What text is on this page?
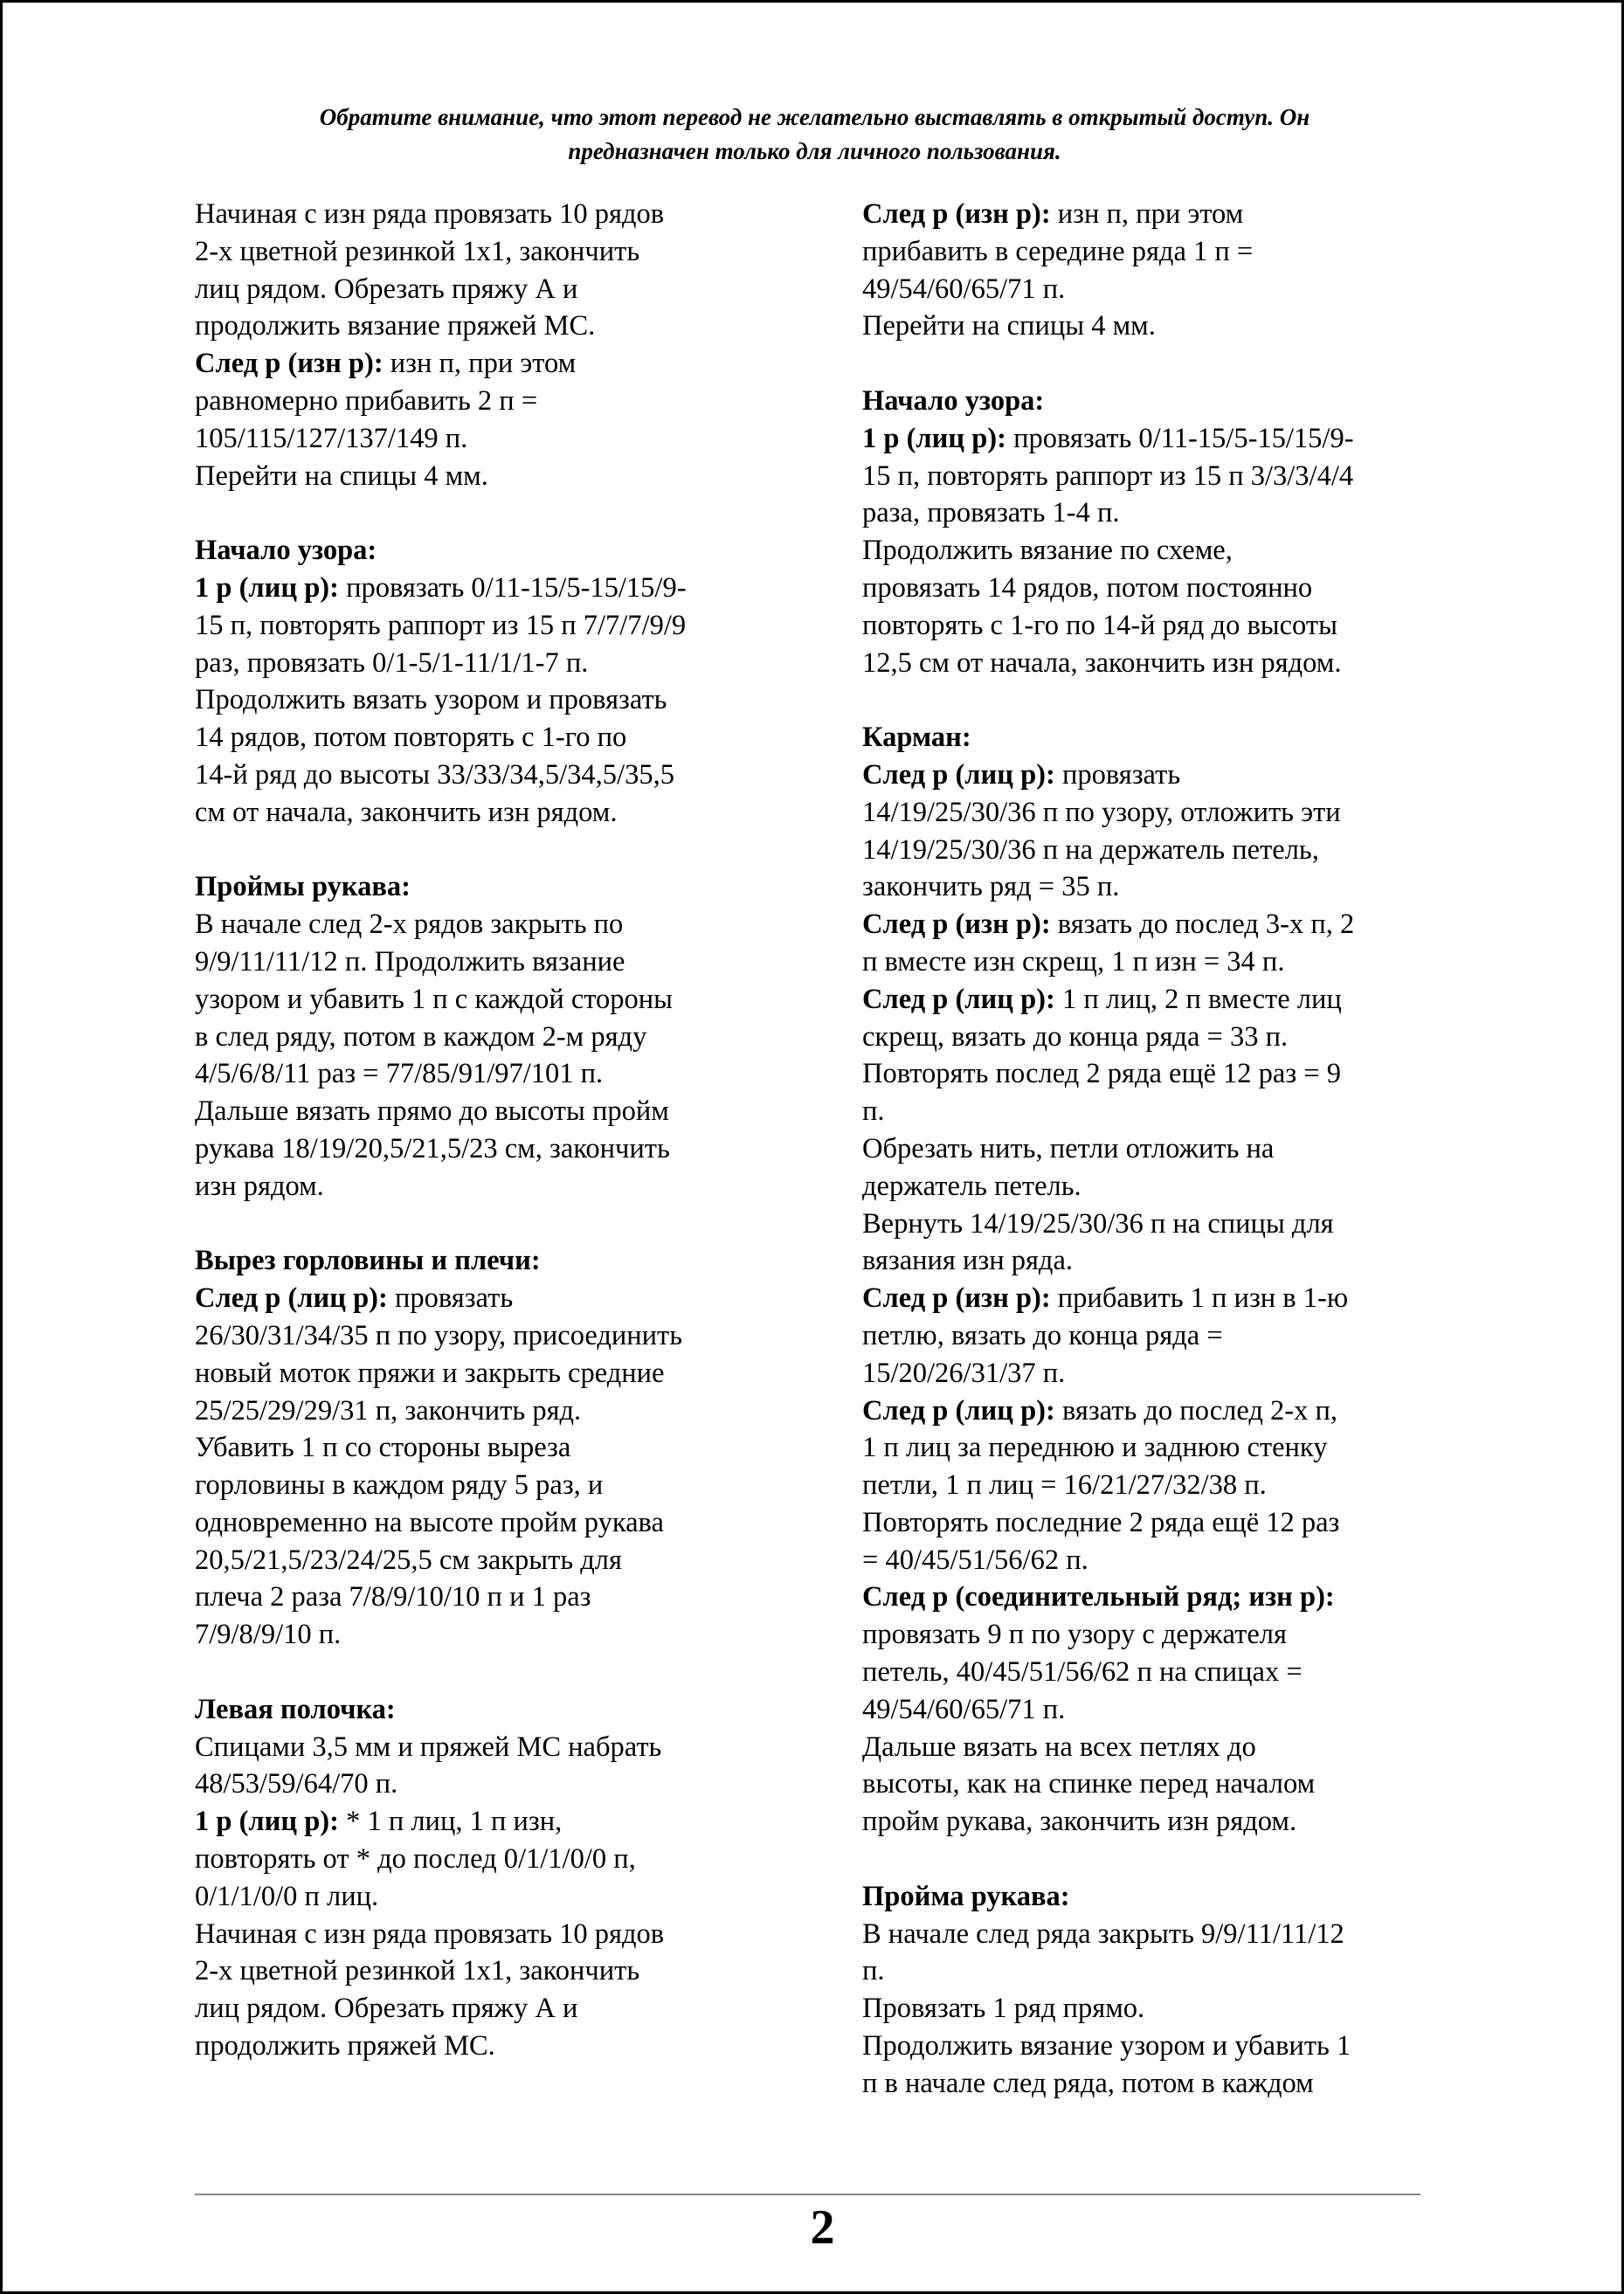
Обратите внимание, что этот перевод не желательно выставлять в открытый доступ. Он
предназначен только для личного пользования.

Начиная с изн ряда провязать 10 рядов

2-х цветной резинкой 1х1, закончить

лиц рядом. Обрезать пряжу А и

продолжить вязание пряжей МС.

След р (изн р): изн п, при этом

равномерно прибавить 2 п =

105/115/127/137/149 п.

Перейти на спицы 4 мм.

Начало узора:

1 р (лиц р): провязать 0/11-15/5-15/15/9-

15 п, повторять раппорт из 15 п 7/7/7/9/9

раз, провязать 0/1-5/1-11/1/1-7 п.

Продолжить вязать узором и провязать

14 рядов, потом повторять с 1-го по

14-й ряд до высоты 33/33/34,5/34,5/35,5

см от начала, закончить изн рядом.

Проймы рукава:

В начале след 2-х рядов закрыть по

9/9/11/11/12 п. Продолжить вязание

узором и убавить 1 п с каждой стороны

в след ряду, потом в каждом 2-м ряду

4/5/6/8/11 раз = 77/85/91/97/101 п.

Дальше вязать прямо до высоты пройм

рукава 18/19/20,5/21,5/23 см, закончить

изн рядом.

Вырез горловины и плечи:

След р (лиц р): провязать

26/30/31/34/35 п по узору, присоединить

новый моток пряжи и закрыть средние

25/25/29/29/31 п, закончить ряд.

Убавить 1 п со стороны выреза

горловины в каждом ряду 5 раз, и

одновременно на высоте пройм рукава

20,5/21,5/23/24/25,5 см закрыть для

плеча 2 раза 7/8/9/10/10 п и 1 раз

7/9/8/9/10 п.

Левая полочка:

Спицами 3,5 мм и пряжей МС набрать

48/53/59/64/70 п.

1 р (лиц р): * 1 п лиц, 1 п изн,

повторять от * до послед 0/1/1/0/0 п,

0/1/1/0/0 п лиц.

Начиная с изн ряда провязать 10 рядов

2-х цветной резинкой 1х1, закончить

лиц рядом. Обрезать пряжу А и

продолжить пряжей МС.

След р (изн р): изн п, при этом

прибавить в середине ряда 1 п =

49/54/60/65/71 п.

Перейти на спицы 4 мм.

Начало узора:

1 р (лиц р): провязать 0/11-15/5-15/15/9-

15 п, повторять раппорт из 15 п 3/3/3/4/4

раза, провязать 1-4 п.

Продолжить вязание по схеме,

провязать 14 рядов, потом постоянно

повторять с 1-го по 14-й ряд до высоты

12,5 см от начала, закончить изн рядом.

Карман:

След р (лиц р): провязать

14/19/25/30/36 п по узору, отложить эти

14/19/25/30/36 п на держатель петель,

закончить ряд = 35 п.

След р (изн р): вязать до послед 3-х п, 2

п вместе изн скрещ, 1 п изн = 34 п.

След р (лиц р): 1 п лиц, 2 п вместе лиц

скрещ, вязать до конца ряда = 33 п.

Повторять послед 2 ряда ещё 12 раз = 9

п.

Обрезать нить, петли отложить на

держатель петель.

Вернуть 14/19/25/30/36 п на спицы для

вязания изн ряда.

След р (изн р): прибавить 1 п изн в 1-ю

петлю, вязать до конца ряда =

15/20/26/31/37 п.

След р (лиц р): вязать до послед 2-х п,

1 п лиц за переднюю и заднюю стенку

петли, 1 п лиц = 16/21/27/32/38 п.

Повторять последние 2 ряда ещё 12 раз

= 40/45/51/56/62 п.

След р (соединительный ряд; изн р):

провязать 9 п по узору с держателя

петель, 40/45/51/56/62 п на спицах =

49/54/60/65/71 п.

Дальше вязать на всех петлях до

высоты, как на спинке перед началом

пройм рукава, закончить изн рядом.

Пройма рукава:

В начале след ряда закрыть 9/9/11/11/12

п.

Провязать 1 ряд прямо.

Продолжить вязание узором и убавить 1

п в начале след ряда, потом в каждом

2
